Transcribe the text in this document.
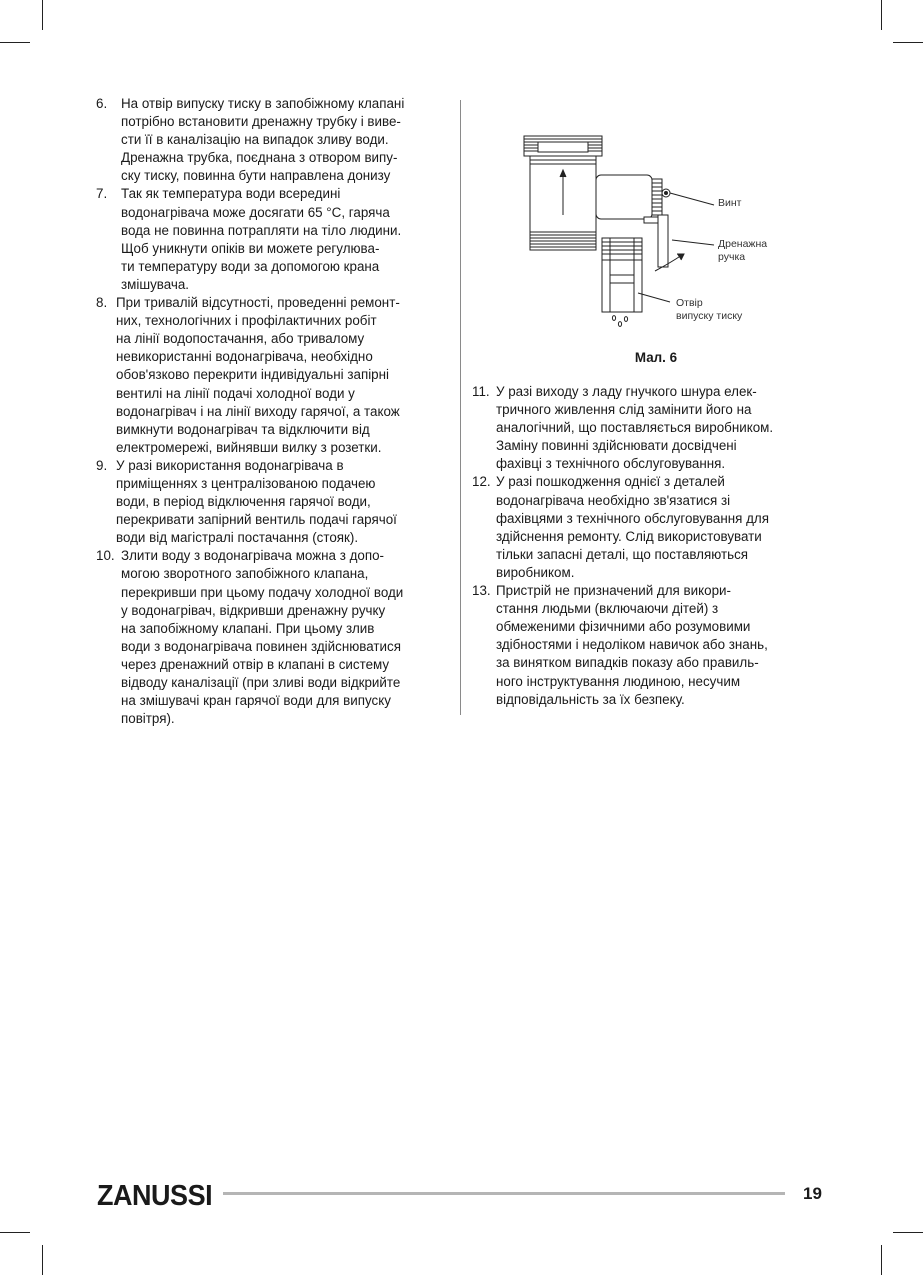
6.	На отвір випуску тиску в запобіжному клапані
потрібно встановити дренажну трубку і виве-
сти її в каналізацію на випадок зливу води.
Дренажна трубка, поєднана з отвором випу-
ску тиску, повинна бути направлена донизу
7.	Так як температура води всередині
водонагрівача може досягати 65 °C, гаряча
вода не повинна потрапляти на тіло людини.
Щоб уникнути опіків ви можете регулюва-
ти температуру води за допомогою крана
змішувача.
8. При тривалій відсутності, проведенні ремонт-
них, технологічних і профілактичних робіт
на лінії водопостачання, або тривалому
невикористанні водонагрівача, необхідно
обов'язково перекрити індивідуальні запірні
вентилі на лінії подачі холодної води у
водонагрівач і на лінії виходу гарячої, а також
вимкнути водонагрівач та відключити від
електромережі, вийнявши вилку з розетки.
9. У разі використання водонагрівача в
приміщеннях з централізованою подачею
води, в період відключення гарячої води,
перекривати запірний вентиль подачі гарячої
води від магістралі постачання (стояк).
10. Злити воду з водонагрівача можна з допо-
могою зворотного запобіжного клапана,
перекривши при цьому подачу холодної води
у водонагрівач, відкривши дренажну ручку
на запобіжному клапані. При цьому злив
води з водонагрівача повинен здійснюватися
через дренажний отвір в клапані в систему
відводу каналізації (при зливі води відкрийте
на змішувачі кран гарячої води для випуску
повітря).
Винт
Дренажна
ручка
Отвір
випуску тиску
Мал. 6
11. У разі виходу з ладу гнучкого шнура елек-
тричного живлення слід замінити його на
аналогічний, що поставляється виробником.
Заміну повинні здійснювати досвідчені
фахівці з технічного обслуговування.
12. У разі пошкодження однієї з деталей
водонагрівача необхідно зв'язатися зі
фахівцями з технічного обслуговування для
здійснення ремонту. Слід використовувати
тільки запасні деталі, що поставляються
виробником.
13. Пристрій не призначений для викори-
стання людьми (включаючи дітей) з
обмеженими фізичними або розумовими
здібностями і недоліком навичок або знань,
за винятком випадків показу або правиль-
ного інструктування людиною, несучим
відповідальність за їх безпеку.
ZANUSSI	19
